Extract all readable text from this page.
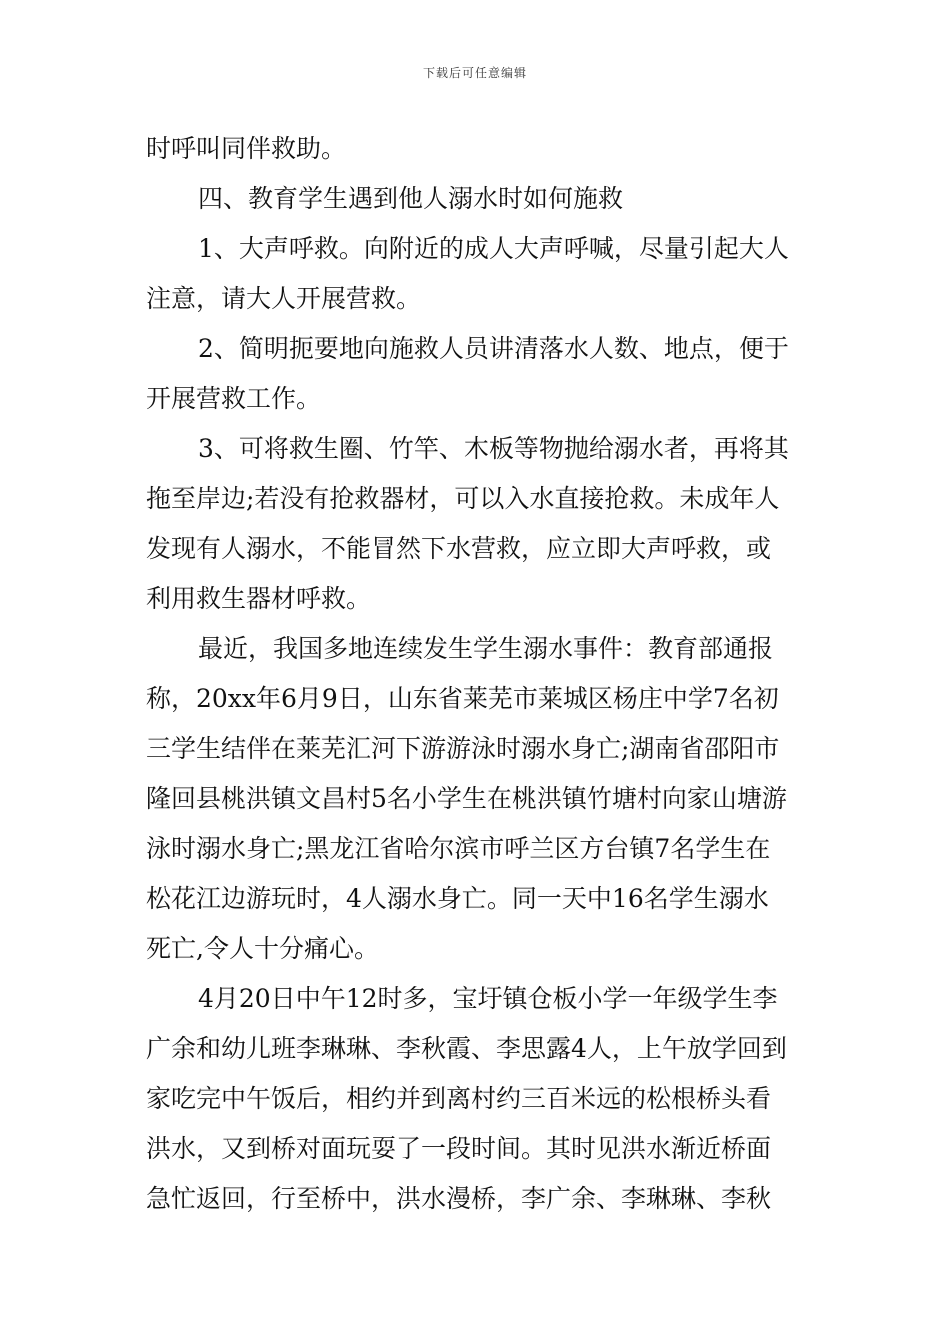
下载后可任意编辑
时呼叫同伴救助。
四、教育学生遇到他人溺水时如何施救
1、大声呼救。向附近的成人大声呼喊，尽量引起大人
注意，请大人开展营救。
2、简明扼要地向施救人员讲清落水人数、地点，便于
开展营救工作。
3、可将救生圈、竹竿、木板等物抛给溺水者，再将其
拖至岸边;若没有抢救器材，可以入水直接抢救。未成年人
发现有人溺水，不能冒然下水营救，应立即大声呼救，或
利用救生器材呼救。
最近，我国多地连续发生学生溺水事件：教育部通报
称，20xx年6月9日，山东省莱芜市莱城区杨庄中学7名初
三学生结伴在莱芜汇河下游游泳时溺水身亡;湖南省邵阳市
隆回县桃洪镇文昌村5名小学生在桃洪镇竹塘村向家山塘游
泳时溺水身亡;黑龙江省哈尔滨市呼兰区方台镇7名学生在
松花江边游玩时，4人溺水身亡。同一天中16名学生溺水
死亡,令人十分痛心。
4月20日中午12时多，宝圩镇仓板小学一年级学生李
广余和幼儿班李琳琳、李秋霞、李思露4人，上午放学回到
家吃完中午饭后，相约并到离村约三百米远的松根桥头看
洪水，又到桥对面玩耍了一段时间。其时见洪水渐近桥面
急忙返回，行至桥中，洪水漫桥，李广余、李琳琳、李秋
